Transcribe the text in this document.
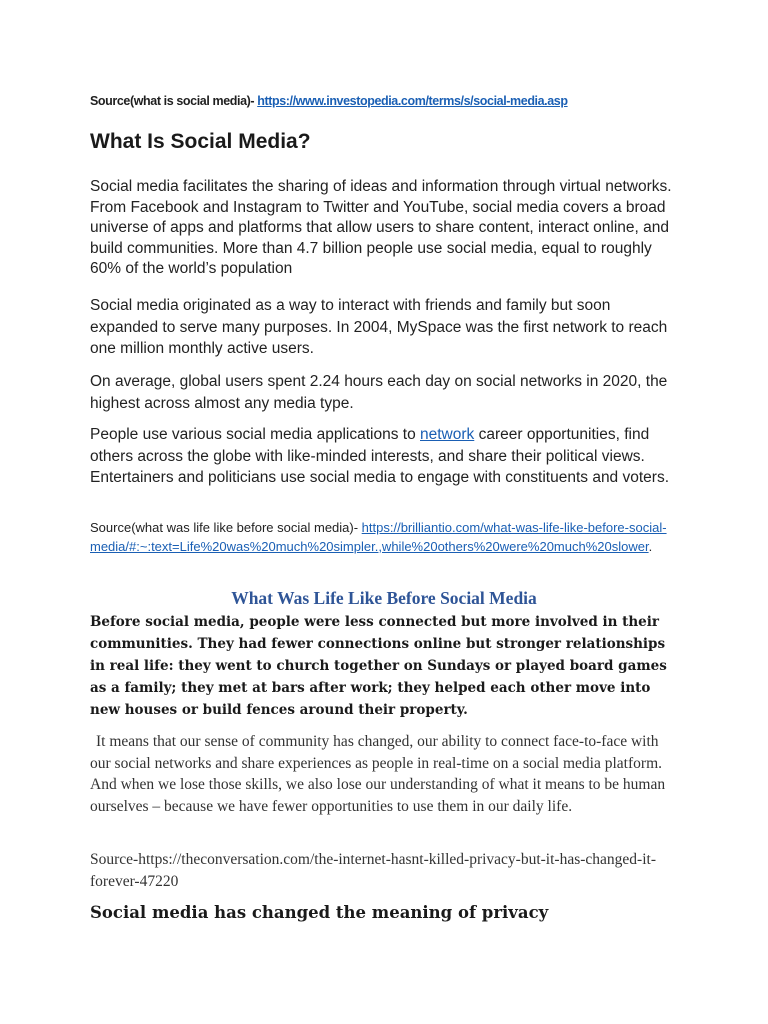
Source(what is social media)- https://www.investopedia.com/terms/s/social-media.asp
What Is Social Media?

Social media facilitates the sharing of ideas and information through virtual networks. From Facebook and Instagram to Twitter and YouTube, social media covers a broad universe of apps and platforms that allow users to share content, interact online, and build communities. More than 4.7 billion people use social media, equal to roughly 60% of the world’s population

Social media originated as a way to interact with friends and family but soon expanded to serve many purposes. In 2004, MySpace was the first network to reach one million monthly active users.

On average, global users spent 2.24 hours each day on social networks in 2020, the highest across almost any media type.

People use various social media applications to network career opportunities, find others across the globe with like-minded interests, and share their political views. Entertainers and politicians use social media to engage with constituents and voters.

Source(what was life like before social media)- https://brilliantio.com/what-was-life-like-before-social-media/#:~:text=Life%20was%20much%20simpler.,while%20others%20were%20much%20slower.

What Was Life Like Before Social Media

Before social media, people were less connected but more involved in their communities. They had fewer connections online but stronger relationships in real life: they went to church together on Sundays or played board games as a family; they met at bars after work; they helped each other move into new houses or build fences around their property.

It means that our sense of community has changed, our ability to connect face-to-face with our social networks and share experiences as people in real-time on a social media platform. And when we lose those skills, we also lose our understanding of what it means to be human ourselves – because we have fewer opportunities to use them in our daily life.

Source-https://theconversation.com/the-internet-hasnt-killed-privacy-but-it-has-changed-it-forever-47220

Social media has changed the meaning of privacy
